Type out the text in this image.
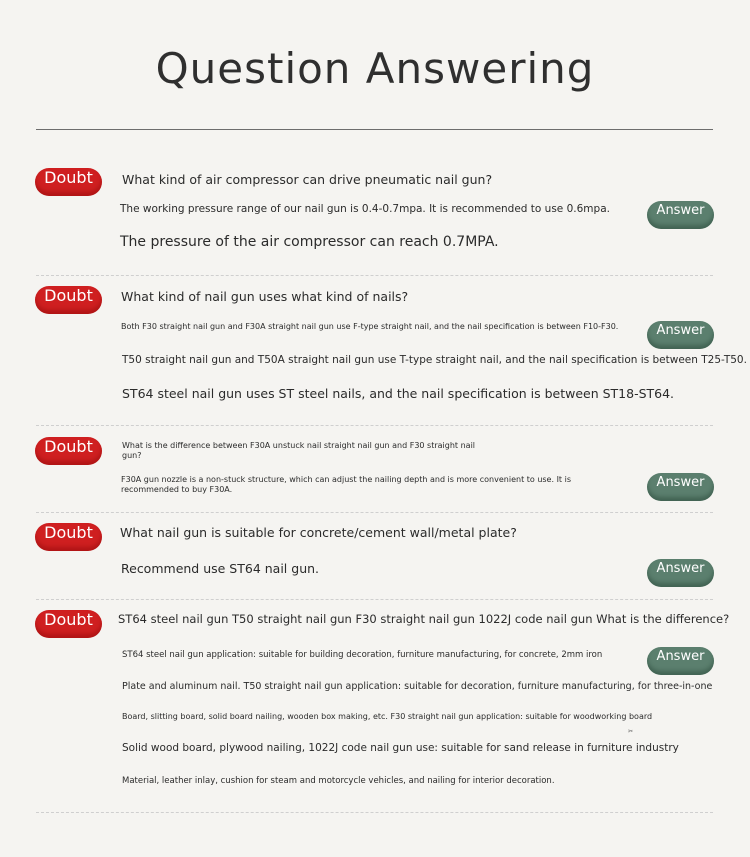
Question Answering
Doubt	What kind of air compressor can drive pneumatic nail gun?
The working pressure range of our nail gun is 0.4-0.7mpa. It is recommended to use 0.6mpa.	Answer
The pressure of the air compressor can reach 0.7MPA.
Doubt	What kind of nail gun uses what kind of nails?
Both F30 straight nail gun and F30A straight nail gun use F-type straight nail, and the nail specification is between F10-F30.	Answer
T50 straight nail gun and T50A straight nail gun use T-type straight nail, and the nail specification is between T25-T50.
ST64 steel nail gun uses ST steel nails, and the nail specification is between ST18-ST64.
Doubt	What is the difference between F30A unstuck nail straight nail gun and F30 straight nail gun?
F30A gun nozzle is a non-stuck structure, which can adjust the nailing depth and is more convenient to use. It is recommended to buy F30A.	Answer
Doubt	What nail gun is suitable for concrete/cement wall/metal plate?
Recommend use ST64 nail gun.	Answer
Doubt	ST64 steel nail gun T50 straight nail gun F30 straight nail gun 1022J code nail gun What is the difference?
ST64 steel nail gun application: suitable for building decoration, furniture manufacturing, for concrete, 2mm iron	Answer
Plate and aluminum nail. T50 straight nail gun application: suitable for decoration, furniture manufacturing, for three-in-one
Board, slitting board, solid board nailing, wooden box making, etc. F30 straight nail gun application: suitable for woodworking board
✂
Solid wood board, plywood nailing, 1022J code nail gun use: suitable for sand release in furniture industry
Material, leather inlay, cushion for steam and motorcycle vehicles, and nailing for interior decoration.
